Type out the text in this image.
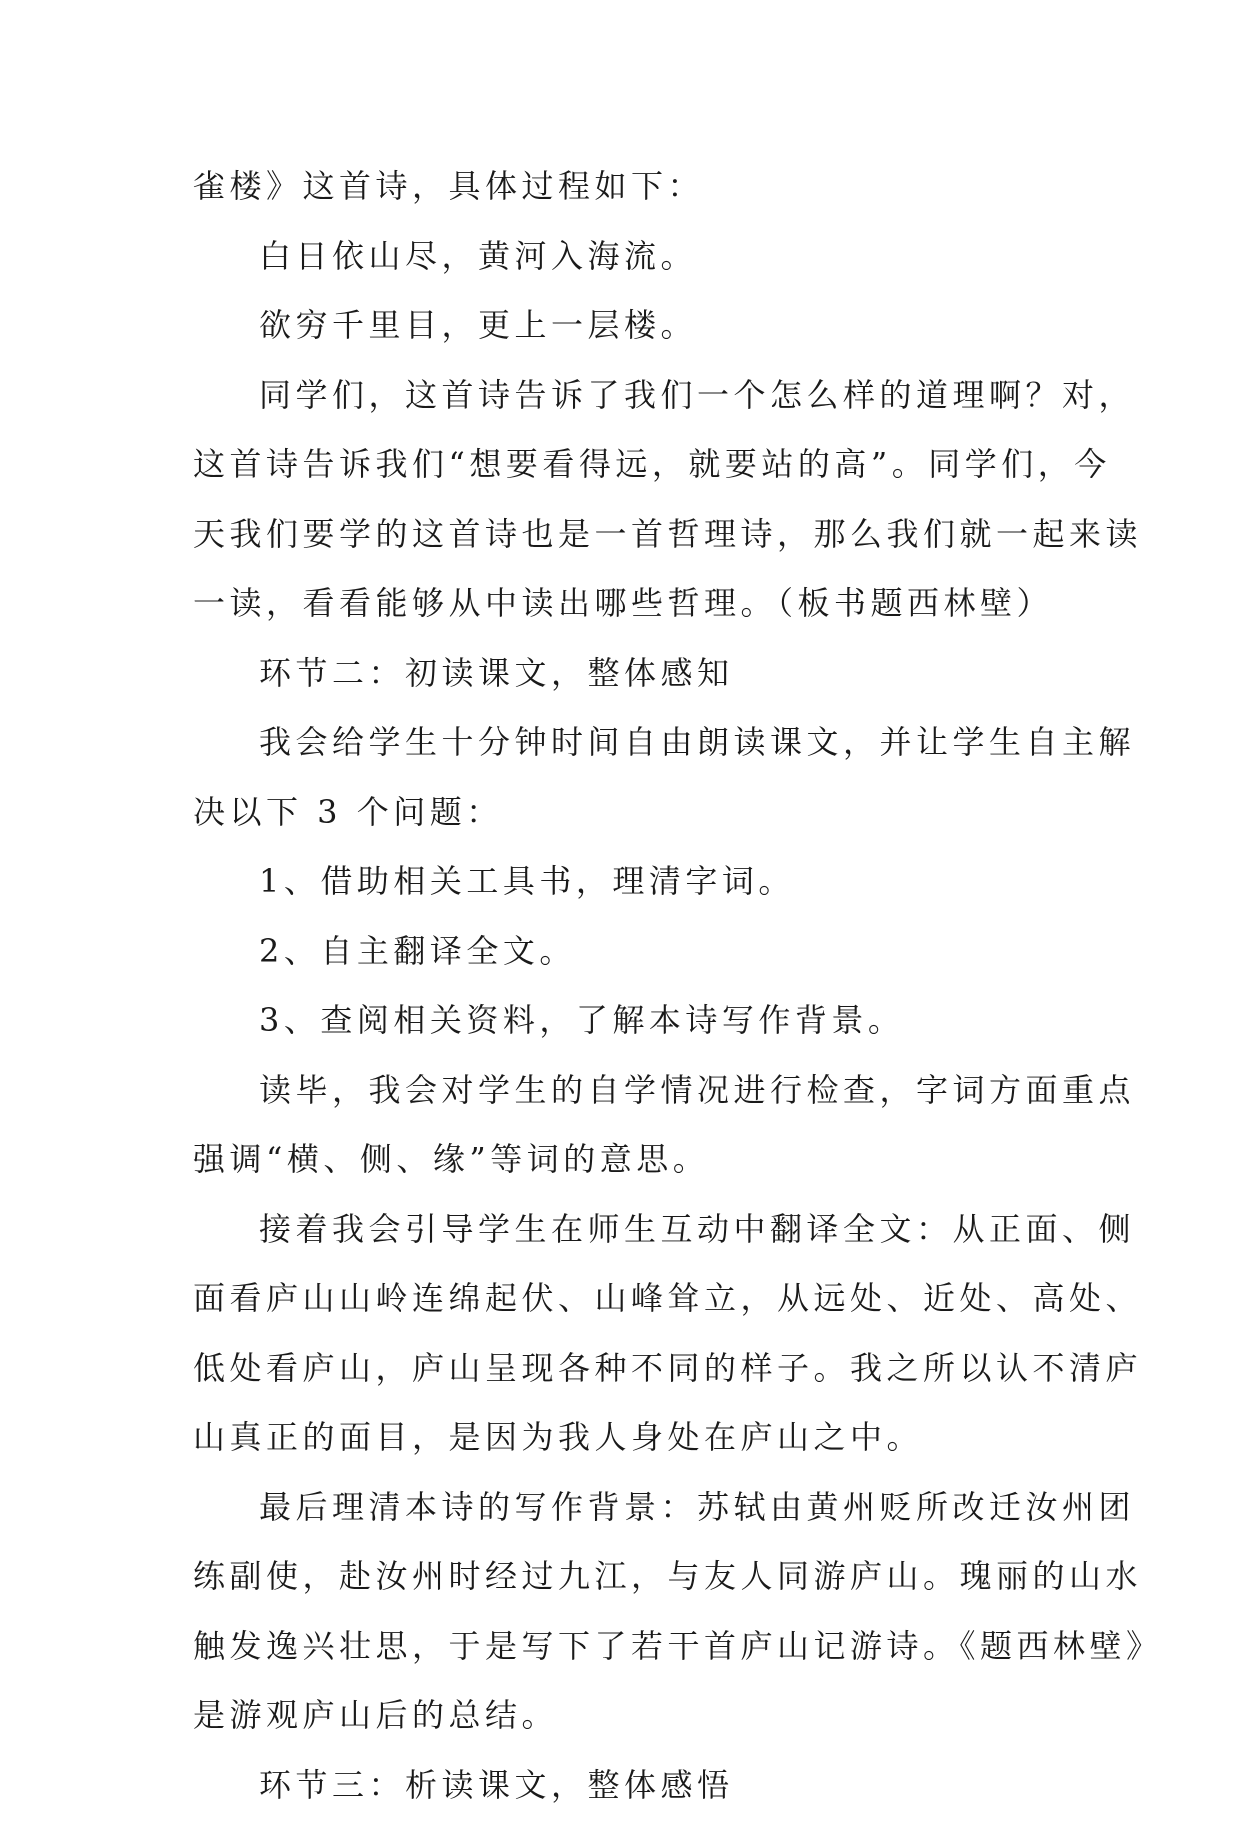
雀楼》这首诗，具体过程如下：
白日依山尽，黄河入海流。
欲穷千里目，更上一层楼。
同学们，这首诗告诉了我们一个怎么样的道理啊？对，
这首诗告诉我们“想要看得远，就要站的高”。同学们，今
天我们要学的这首诗也是一首哲理诗，那么我们就一起来读
一读，看看能够从中读出哪些哲理。（板书题西林壁）
环节二：初读课文，整体感知
我会给学生十分钟时间自由朗读课文，并让学生自主解
决以下 3 个问题：
1、借助相关工具书，理清字词。
2、自主翻译全文。
3、查阅相关资料，了解本诗写作背景。
读毕，我会对学生的自学情况进行检查，字词方面重点
强调“横、侧、缘”等词的意思。
接着我会引导学生在师生互动中翻译全文：从正面、侧
面看庐山山岭连绵起伏、山峰耸立，从远处、近处、高处、
低处看庐山，庐山呈现各种不同的样子。我之所以认不清庐
山真正的面目，是因为我人身处在庐山之中。
最后理清本诗的写作背景：苏轼由黄州贬所改迁汝州团
练副使，赴汝州时经过九江，与友人同游庐山。瑰丽的山水
触发逸兴壮思，于是写下了若干首庐山记游诗。《题西林壁》
是游观庐山后的总结。
环节三：析读课文，整体感悟
